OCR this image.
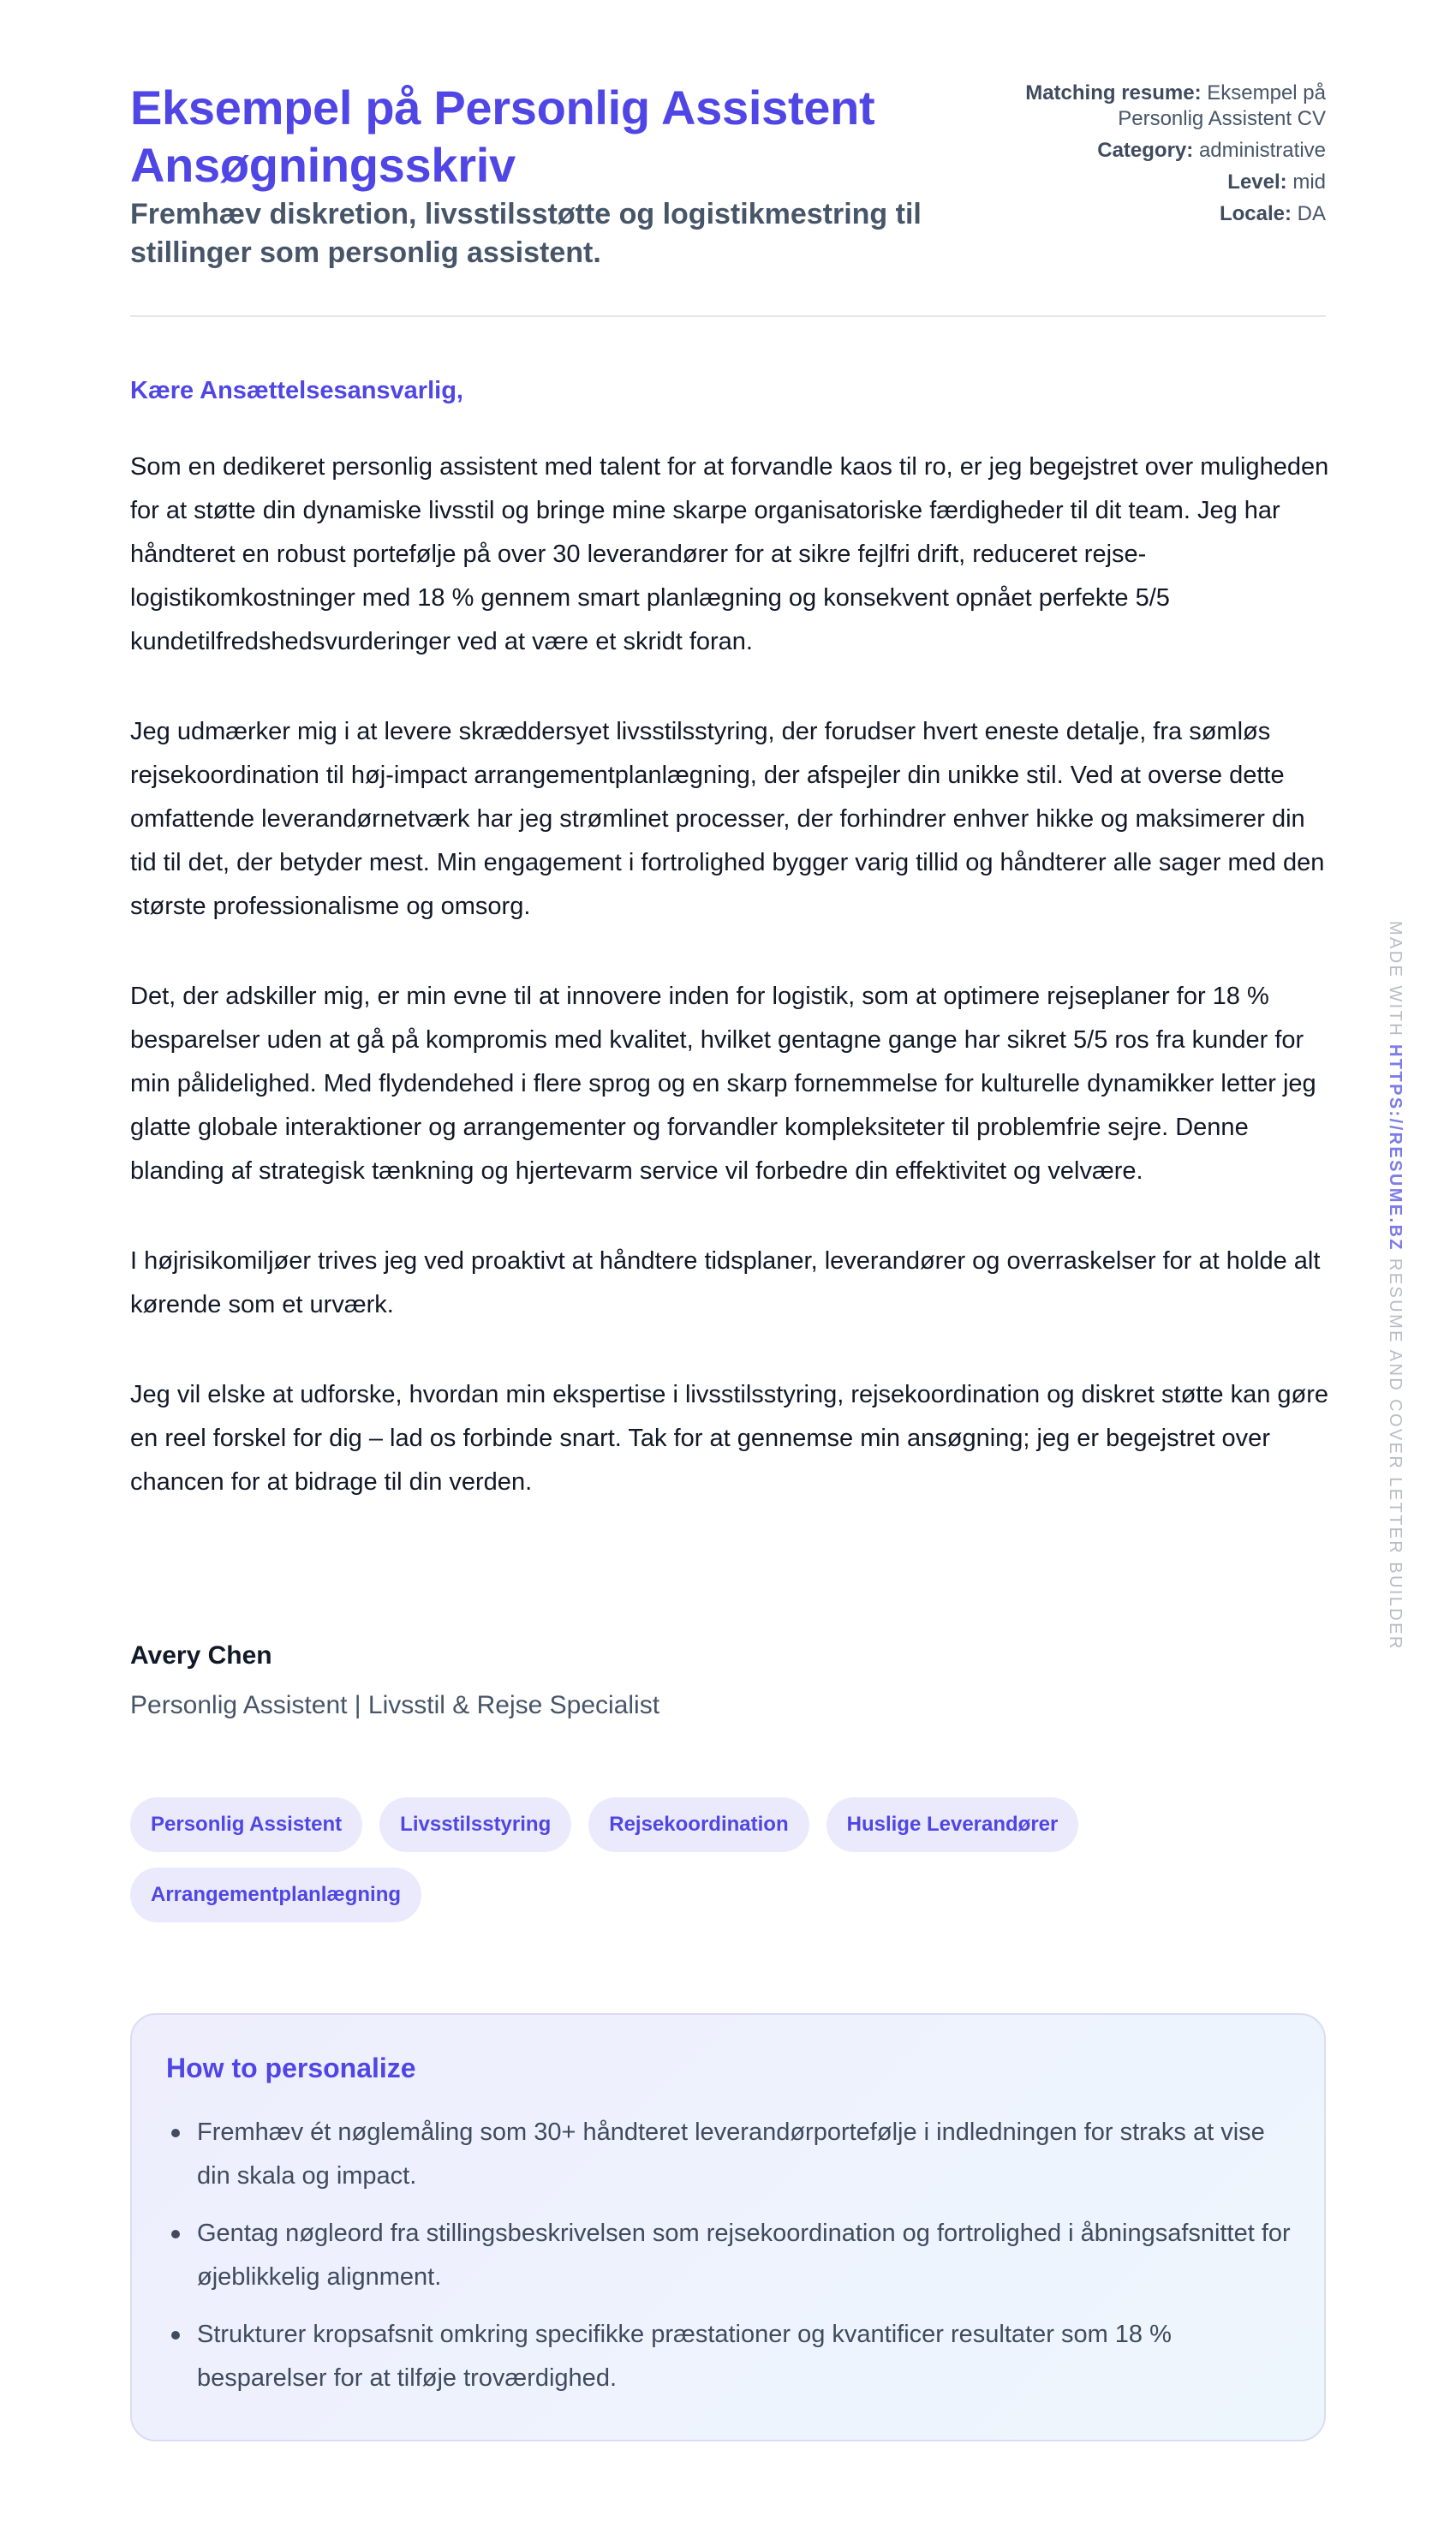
Eksempel på Personlig Assistent Ansøgningsskriv
Fremhæv diskretion, livsstilsstøtte og logistikmestring til stillinger som personlig assistent.
Matching resume: Eksempel på Personlig Assistent CV
Category: administrative
Level: mid
Locale: DA

Kære Ansættelsesansvarlig,

Som en dedikeret personlig assistent med talent for at forvandle kaos til ro, er jeg begejstret over muligheden for at støtte din dynamiske livsstil og bringe mine skarpe organisatoriske færdigheder til dit team. Jeg har håndteret en robust portefølje på over 30 leverandører for at sikre fejlfri drift, reduceret rejse-logistikomkostninger med 18 % gennem smart planlægning og konsekvent opnået perfekte 5/5 kundetilfredshedsvurderinger ved at være et skridt foran.

Jeg udmærker mig i at levere skræddersyet livsstilsstyring, der forudser hvert eneste detalje, fra sømløs rejsekoordination til høj-impact arrangementplanlægning, der afspejler din unikke stil. Ved at overse dette omfattende leverandørnetværk har jeg strømlinet processer, der forhindrer enhver hikke og maksimerer din tid til det, der betyder mest. Min engagement i fortrolighed bygger varig tillid og håndterer alle sager med den største professionalisme og omsorg.

Det, der adskiller mig, er min evne til at innovere inden for logistik, som at optimere rejseplaner for 18 % besparelser uden at gå på kompromis med kvalitet, hvilket gentagne gange har sikret 5/5 ros fra kunder for min pålidelighed. Med flydendehed i flere sprog og en skarp fornemmelse for kulturelle dynamikker letter jeg glatte globale interaktioner og arrangementer og forvandler kompleksiteter til problemfrie sejre. Denne blanding af strategisk tænkning og hjertevarm service vil forbedre din effektivitet og velvære.

I højrisikomiljøer trives jeg ved proaktivt at håndtere tidsplaner, leverandører og overraskelser for at holde alt kørende som et urværk.

Jeg vil elske at udforske, hvordan min ekspertise i livsstilsstyring, rejsekoordination og diskret støtte kan gøre en reel forskel for dig – lad os forbinde snart. Tak for at gennemse min ansøgning; jeg er begejstret over chancen for at bidrage til din verden.

Avery Chen

Personlig Assistent | Livsstil & Rejse Specialist

Personlig Assistent	Livsstilsstyring	Rejsekoordination	Huslige Leverandører
Arrangementplanlægning
How to personalize
Fremhæv ét nøglemåling som 30+ håndteret leverandørportefølje i indledningen for straks at vise din skala og impact.
Gentag nøgleord fra stillingsbeskrivelsen som rejsekoordination og fortrolighed i åbningsafsnittet for øjeblikkelig alignment.
Strukturer kropsafsnit omkring specifikke præstationer og kvantificer resultater som 18 % besparelser for at tilføje troværdighed.
MADE WITH HTTPS://RESUME.BZ RESUME AND COVER LETTER BUILDER
